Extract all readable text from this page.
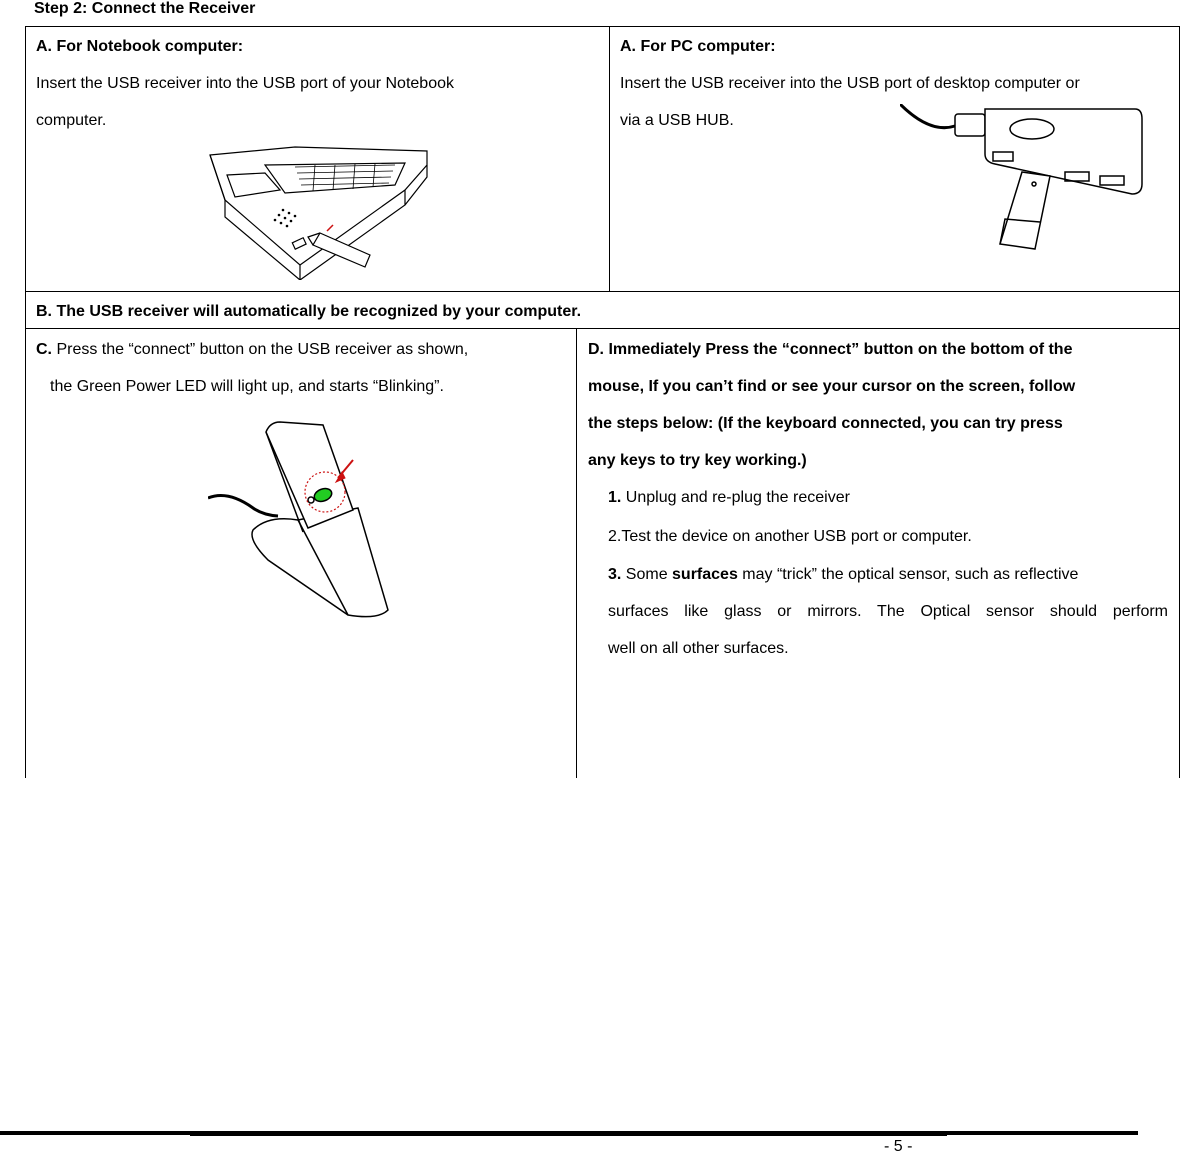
Step 2: Connect the Receiver
A. For Notebook computer:
Insert the USB receiver into the USB port of your Notebook
computer.
A. For PC computer:
Insert the USB receiver into the USB port of desktop computer or
via a USB HUB.
B. The USB receiver will automatically be recognized by your computer.
C. Press the “connect” button on the USB receiver as shown,
the Green Power LED will light up, and starts “Blinking”.
D. Immediately Press the “connect” button on the bottom of the
mouse, If you can’t find or see your cursor on the screen, follow
the steps below: (If the keyboard connected, you can try press
any keys to try key working.)
1. Unplug and re-plug the receiver
2.Test the device on another USB port or computer.
3. Some surfaces may “trick” the optical sensor, such as reflective
surfaces like glass or mirrors. The Optical sensor should perform
well on all other surfaces.
- 5 -
